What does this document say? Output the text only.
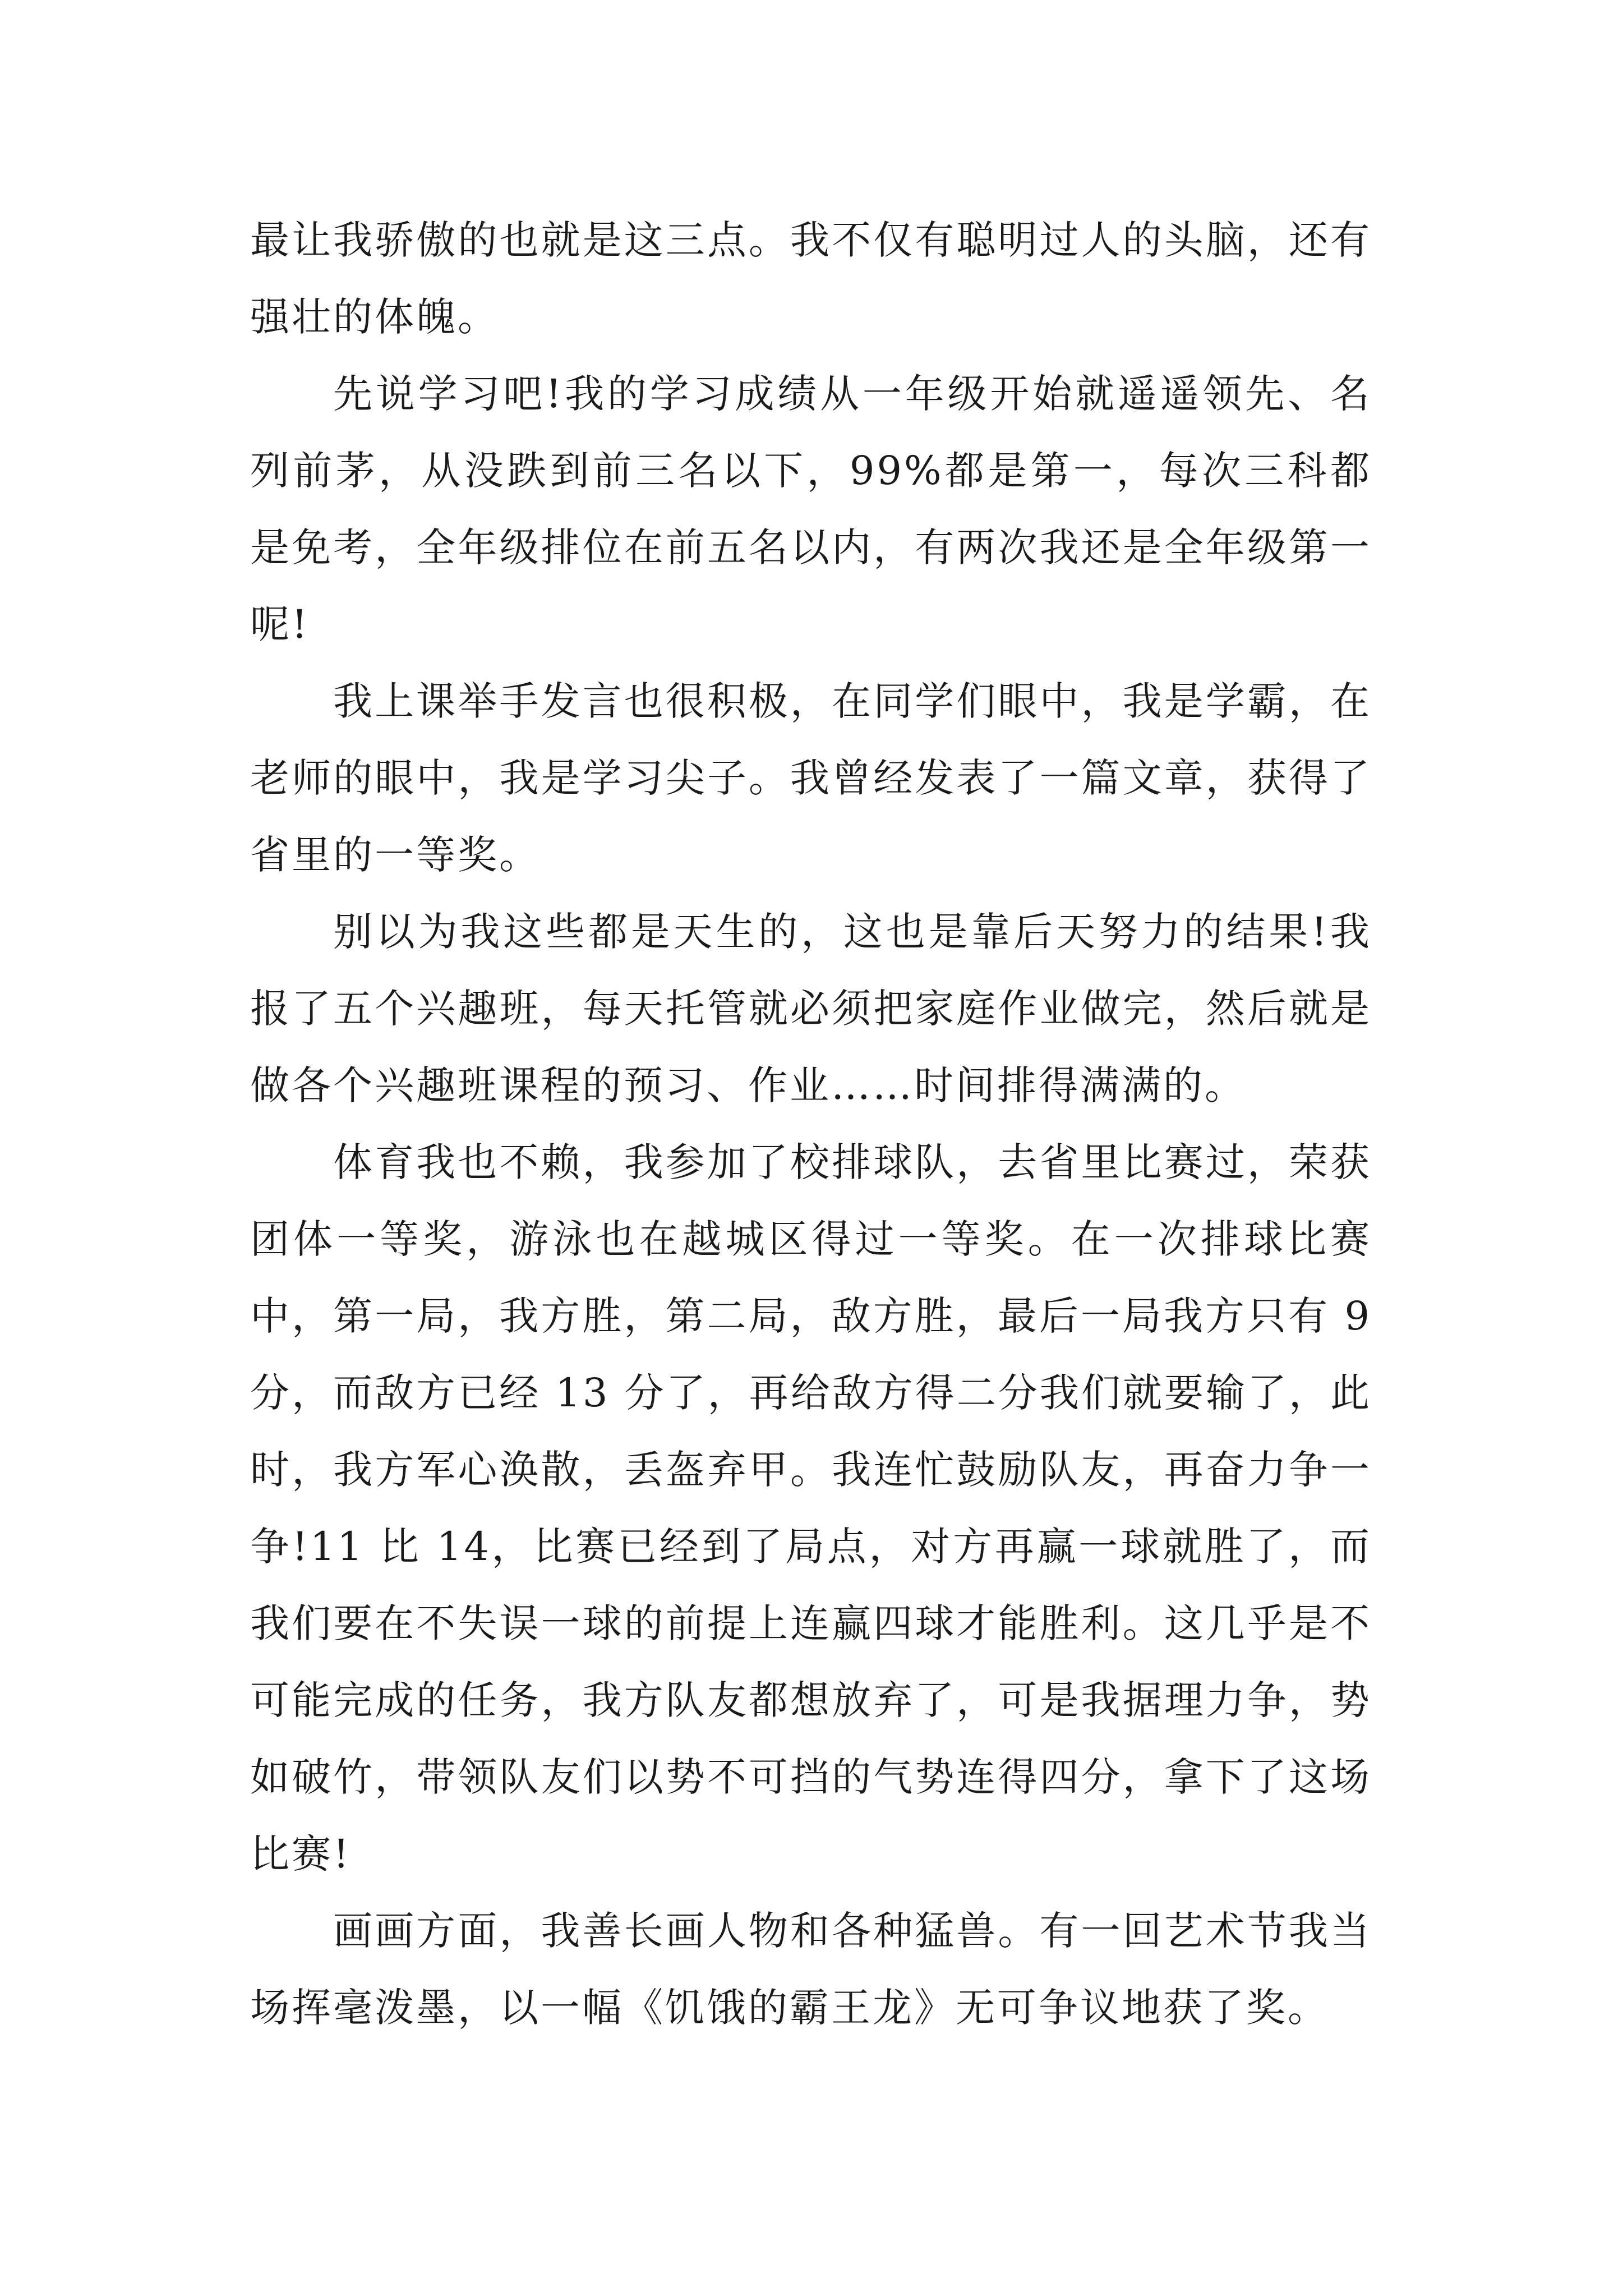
最让我骄傲的也就是这三点。我不仅有聪明过人的头脑，还有强壮的体魄。

先说学习吧!我的学习成绩从一年级开始就遥遥领先、名列前茅，从没跌到前三名以下，99%都是第一，每次三科都是免考，全年级排位在前五名以内，有两次我还是全年级第一呢!

我上课举手发言也很积极，在同学们眼中，我是学霸，在老师的眼中，我是学习尖子。我曾经发表了一篇文章，获得了省里的一等奖。

别以为我这些都是天生的，这也是靠后天努力的结果!我报了五个兴趣班，每天托管就必须把家庭作业做完，然后就是做各个兴趣班课程的预习、作业……时间排得满满的。

体育我也不赖，我参加了校排球队，去省里比赛过，荣获团体一等奖，游泳也在越城区得过一等奖。在一次排球比赛中，第一局，我方胜，第二局，敌方胜，最后一局我方只有 9 分，而敌方已经 13 分了，再给敌方得二分我们就要输了，此时，我方军心涣散，丢盔弃甲。我连忙鼓励队友，再奋力争一争!11 比 14，比赛已经到了局点，对方再赢一球就胜了，而我们要在不失误一球的前提上连赢四球才能胜利。这几乎是不可能完成的任务，我方队友都想放弃了，可是我据理力争，势如破竹，带领队友们以势不可挡的气势连得四分，拿下了这场比赛!

画画方面，我善长画人物和各种猛兽。有一回艺术节我当场挥毫泼墨，以一幅《饥饿的霸王龙》无可争议地获了奖。
